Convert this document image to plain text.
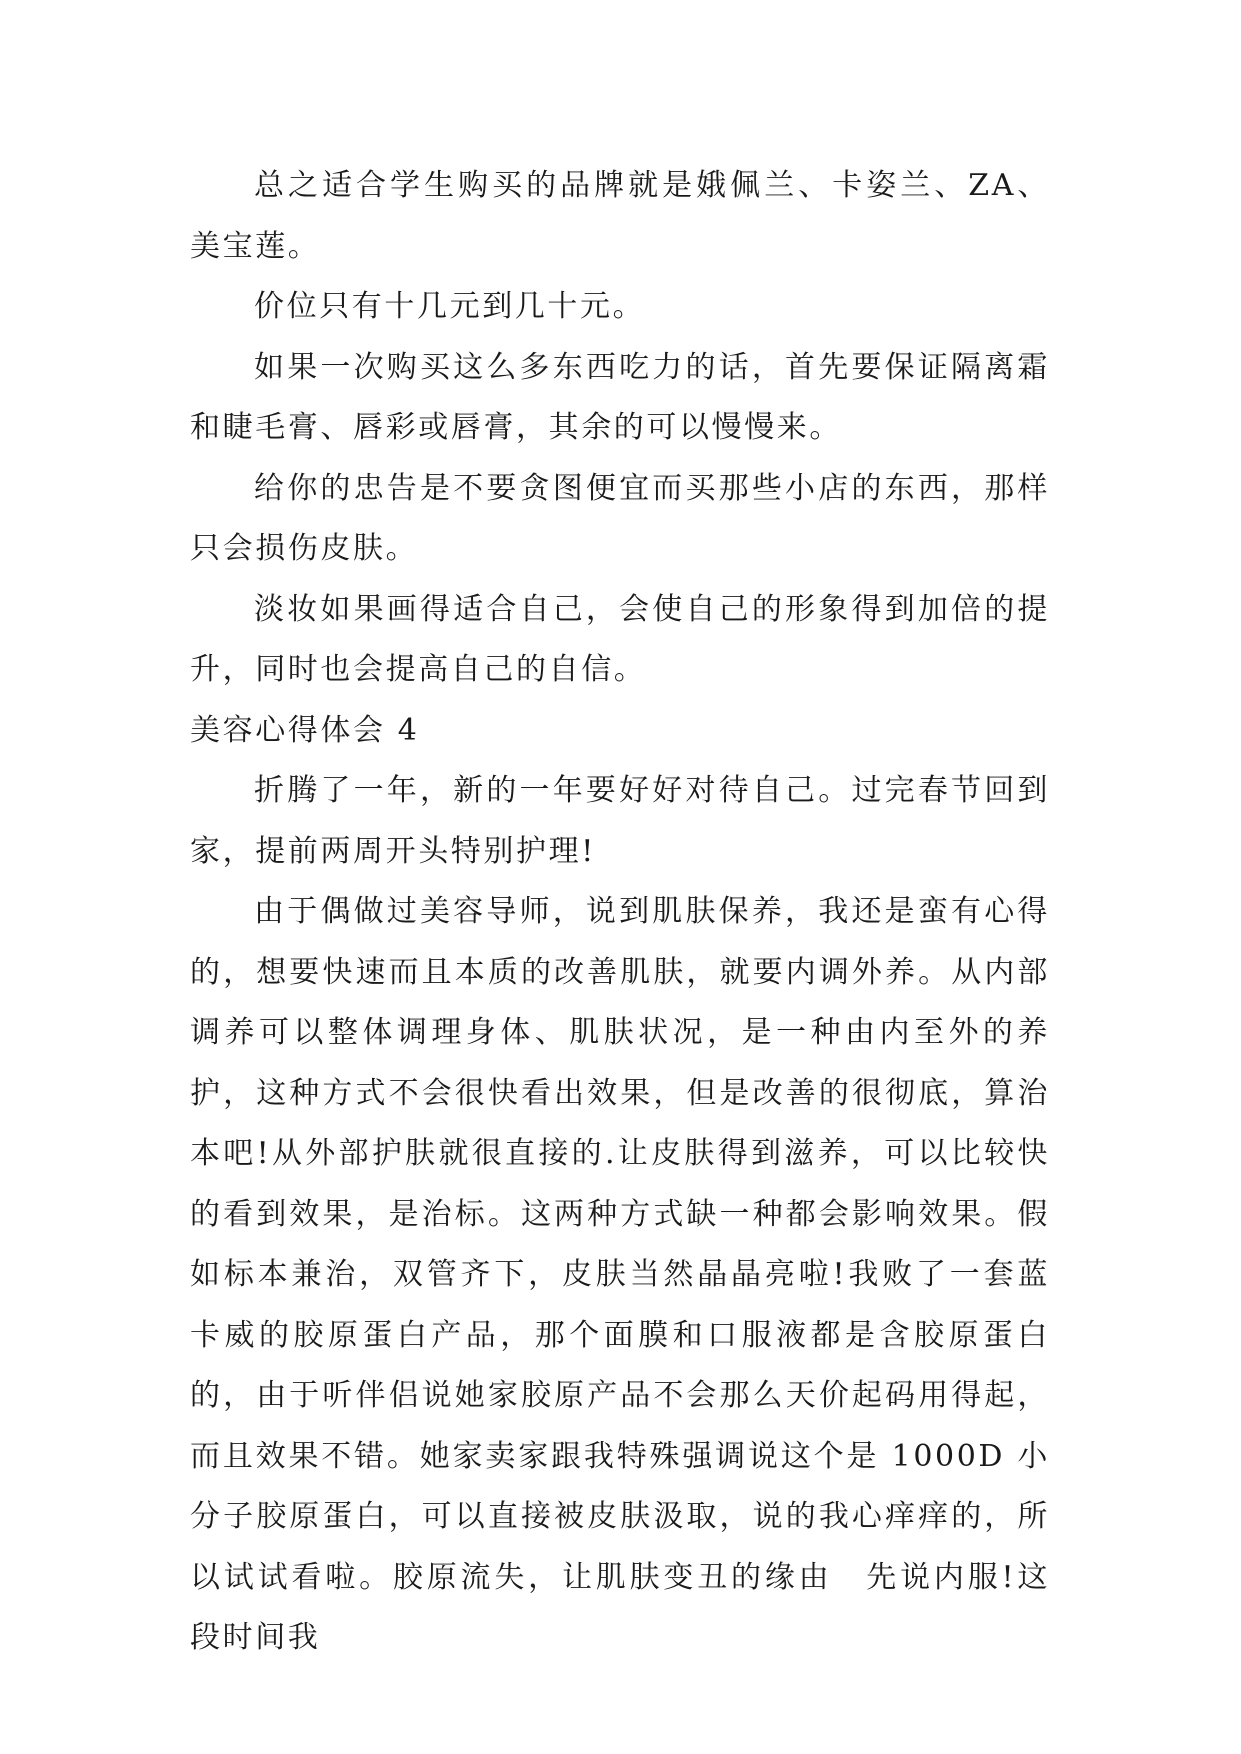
总之适合学生购买的品牌就是娥佩兰、卡姿兰、ZA、美宝莲。

价位只有十几元到几十元。

如果一次购买这么多东西吃力的话，首先要保证隔离霜和睫毛膏、唇彩或唇膏，其余的可以慢慢来。

给你的忠告是不要贪图便宜而买那些小店的东西，那样只会损伤皮肤。

淡妆如果画得适合自己，会使自己的形象得到加倍的提升，同时也会提高自己的自信。

美容心得体会 4

折腾了一年，新的一年要好好对待自己。过完春节回到家，提前两周开头特别护理!

由于偶做过美容导师，说到肌肤保养，我还是蛮有心得的，想要快速而且本质的改善肌肤，就要内调外养。从内部调养可以整体调理身体、肌肤状况，是一种由内至外的养护，这种方式不会很快看出效果，但是改善的很彻底，算治本吧!从外部护肤就很直接的.让皮肤得到滋养，可以比较快的看到效果，是治标。这两种方式缺一种都会影响效果。假如标本兼治，双管齐下，皮肤当然晶晶亮啦!我败了一套蓝卡威的胶原蛋白产品，那个面膜和口服液都是含胶原蛋白的，由于听伴侣说她家胶原产品不会那么天价起码用得起，而且效果不错。她家卖家跟我特殊强调说这个是 1000D 小分子胶原蛋白，可以直接被皮肤汲取，说的我心痒痒的，所以试试看啦。胶原流失，让肌肤变丑的缘由　先说内服!这段时间我
